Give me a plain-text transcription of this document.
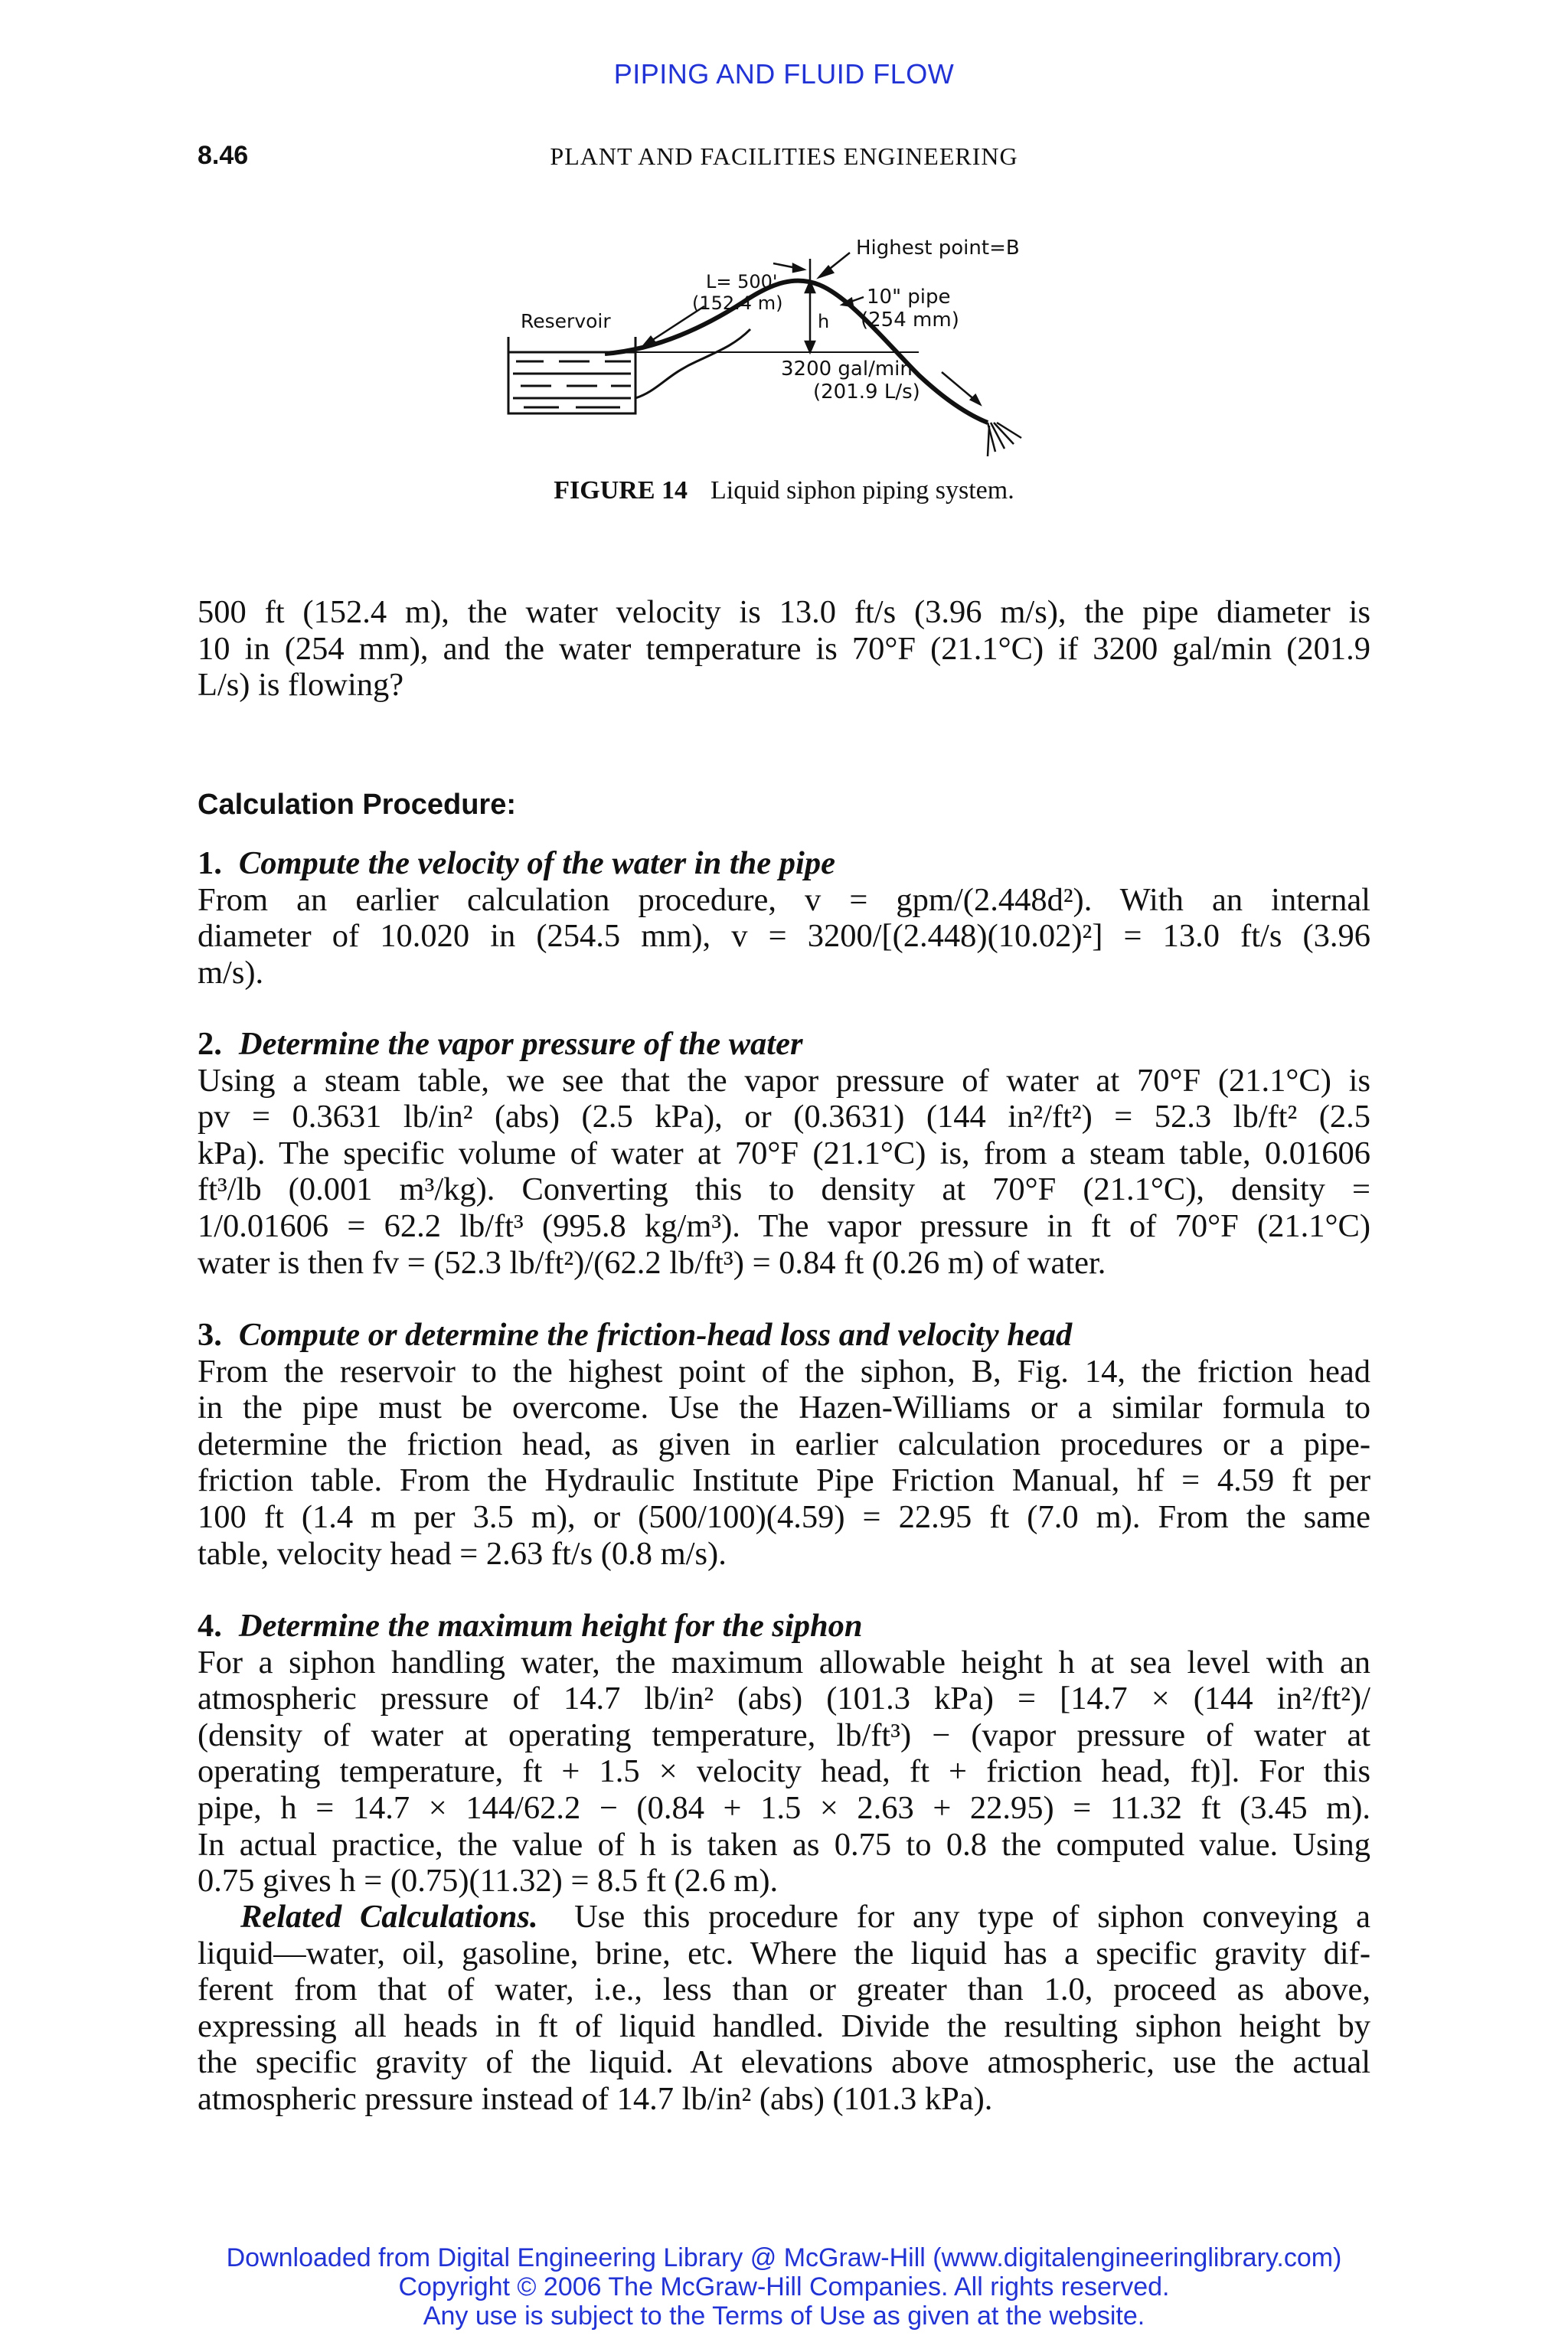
PIPING AND FLUID FLOW
8.46	PLANT AND FACILITIES ENGINEERING
Highest point=B
L= 500'
(152.4 m)	10" pipe
(254 mm)
Reservoir	h
3200 gal/min
(201.9 L/s)
FIGURE 14 Liquid siphon piping system.

500 ft (152.4 m), the water velocity is 13.0 ft/s (3.96 m/s), the pipe diameter is

10 in (254 mm), and the water temperature is 70°F (21.1°C) if 3200 gal/min (201.9

L/s) is flowing?

Calculation Procedure:

1. Compute the velocity of the water in the pipe

From an earlier calculation procedure, v = gpm/(2.448d²). With an internal

diameter of 10.020 in (254.5 mm), v = 3200/[(2.448)(10.02)²] = 13.0 ft/s (3.96

m/s).

2. Determine the vapor pressure of the water

Using a steam table, we see that the vapor pressure of water at 70°F (21.1°C) is

pv = 0.3631 lb/in² (abs) (2.5 kPa), or (0.3631) (144 in²/ft²) = 52.3 lb/ft² (2.5

kPa). The specific volume of water at 70°F (21.1°C) is, from a steam table, 0.01606

ft³/lb (0.001 m³/kg). Converting this to density at 70°F (21.1°C), density =

1/0.01606 = 62.2 lb/ft³ (995.8 kg/m³). The vapor pressure in ft of 70°F (21.1°C)

water is then fv = (52.3 lb/ft²)/(62.2 lb/ft³) = 0.84 ft (0.26 m) of water.

3. Compute or determine the friction-head loss and velocity head

From the reservoir to the highest point of the siphon, B, Fig. 14, the friction head

in the pipe must be overcome. Use the Hazen-Williams or a similar formula to

determine the friction head, as given in earlier calculation procedures or a pipe-

friction table. From the Hydraulic Institute Pipe Friction Manual, hf = 4.59 ft per

100 ft (1.4 m per 3.5 m), or (500/100)(4.59) = 22.95 ft (7.0 m). From the same

table, velocity head = 2.63 ft/s (0.8 m/s).

4. Determine the maximum height for the siphon

For a siphon handling water, the maximum allowable height h at sea level with an

atmospheric pressure of 14.7 lb/in² (abs) (101.3 kPa) = [14.7 × (144 in²/ft²)/

(density of water at operating temperature, lb/ft³) − (vapor pressure of water at

operating temperature, ft + 1.5 × velocity head, ft + friction head, ft)]. For this

pipe, h = 14.7 × 144/62.2 − (0.84 + 1.5 × 2.63 + 22.95) = 11.32 ft (3.45 m).

In actual practice, the value of h is taken as 0.75 to 0.8 the computed value. Using

0.75 gives h = (0.75)(11.32) = 8.5 ft (2.6 m).

Related Calculations. Use this procedure for any type of siphon conveying a

liquid—water, oil, gasoline, brine, etc. Where the liquid has a specific gravity dif-

ferent from that of water, i.e., less than or greater than 1.0, proceed as above,

expressing all heads in ft of liquid handled. Divide the resulting siphon height by

the specific gravity of the liquid. At elevations above atmospheric, use the actual

atmospheric pressure instead of 14.7 lb/in² (abs) (101.3 kPa).

Downloaded from Digital Engineering Library @ McGraw-Hill (www.digitalengineeringlibrary.com)
Copyright © 2006 The McGraw-Hill Companies. All rights reserved.
Any use is subject to the Terms of Use as given at the website.
